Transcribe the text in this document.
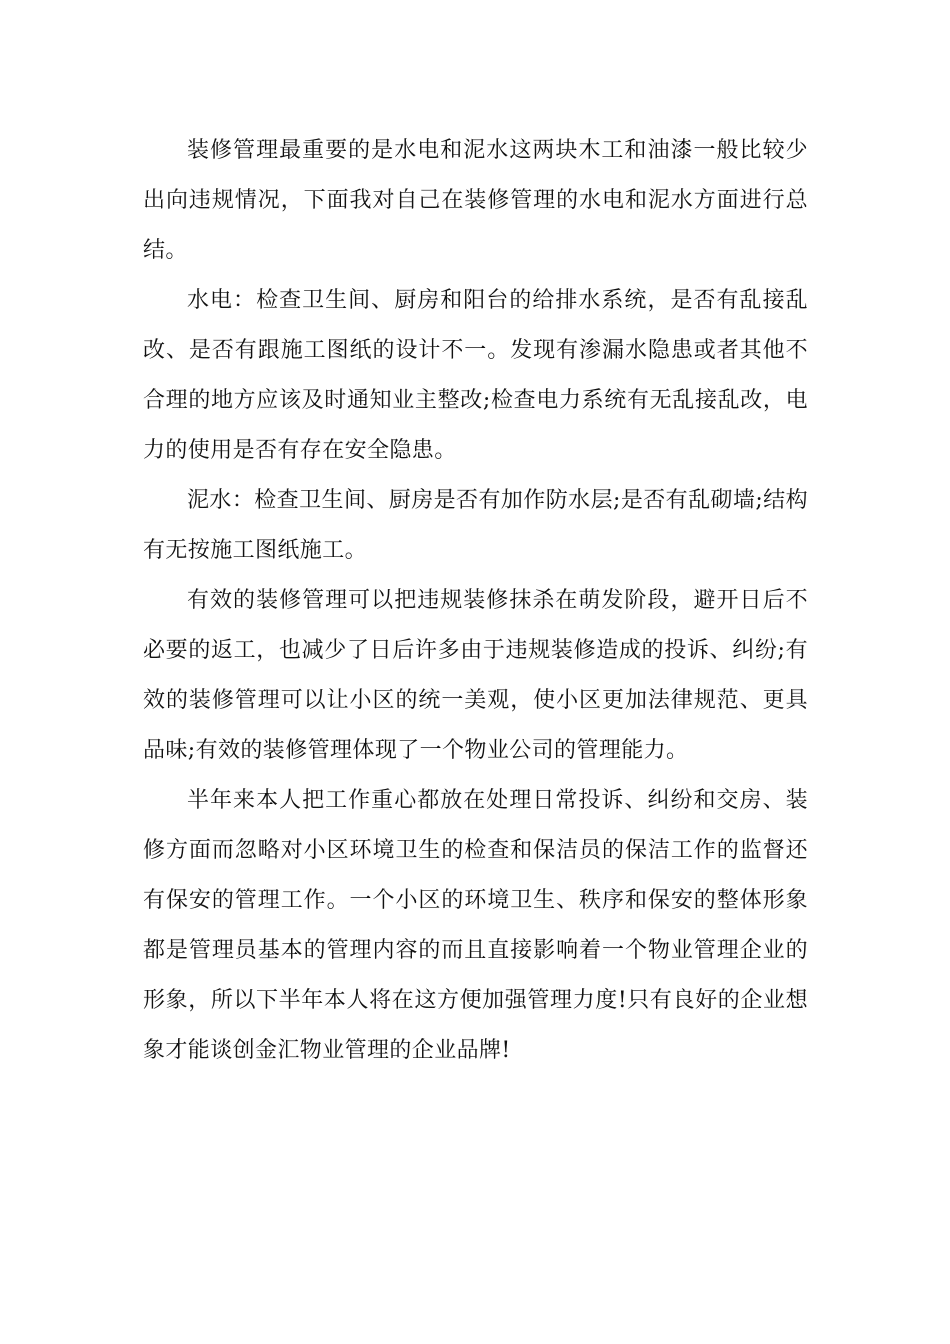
装修管理最重要的是水电和泥水这两块木工和油漆一般比较少出向违规情况，下面我对自己在装修管理的水电和泥水方面进行总结。

水电：检查卫生间、厨房和阳台的给排水系统，是否有乱接乱改、是否有跟施工图纸的设计不一。发现有渗漏水隐患或者其他不合理的地方应该及时通知业主整改;检查电力系统有无乱接乱改，电力的使用是否有存在安全隐患。

泥水：检查卫生间、厨房是否有加作防水层;是否有乱砌墙;结构有无按施工图纸施工。

有效的装修管理可以把违规装修抹杀在萌发阶段，避开日后不必要的返工，也减少了日后许多由于违规装修造成的投诉、纠纷;有效的装修管理可以让小区的统一美观，使小区更加法律规范、更具品味;有效的装修管理体现了一个物业公司的管理能力。

半年来本人把工作重心都放在处理日常投诉、纠纷和交房、装修方面而忽略对小区环境卫生的检查和保洁员的保洁工作的监督还有保安的管理工作。一个小区的环境卫生、秩序和保安的整体形象都是管理员基本的管理内容的而且直接影响着一个物业管理企业的形象，所以下半年本人将在这方便加强管理力度!只有良好的企业想象才能谈创金汇物业管理的企业品牌!
